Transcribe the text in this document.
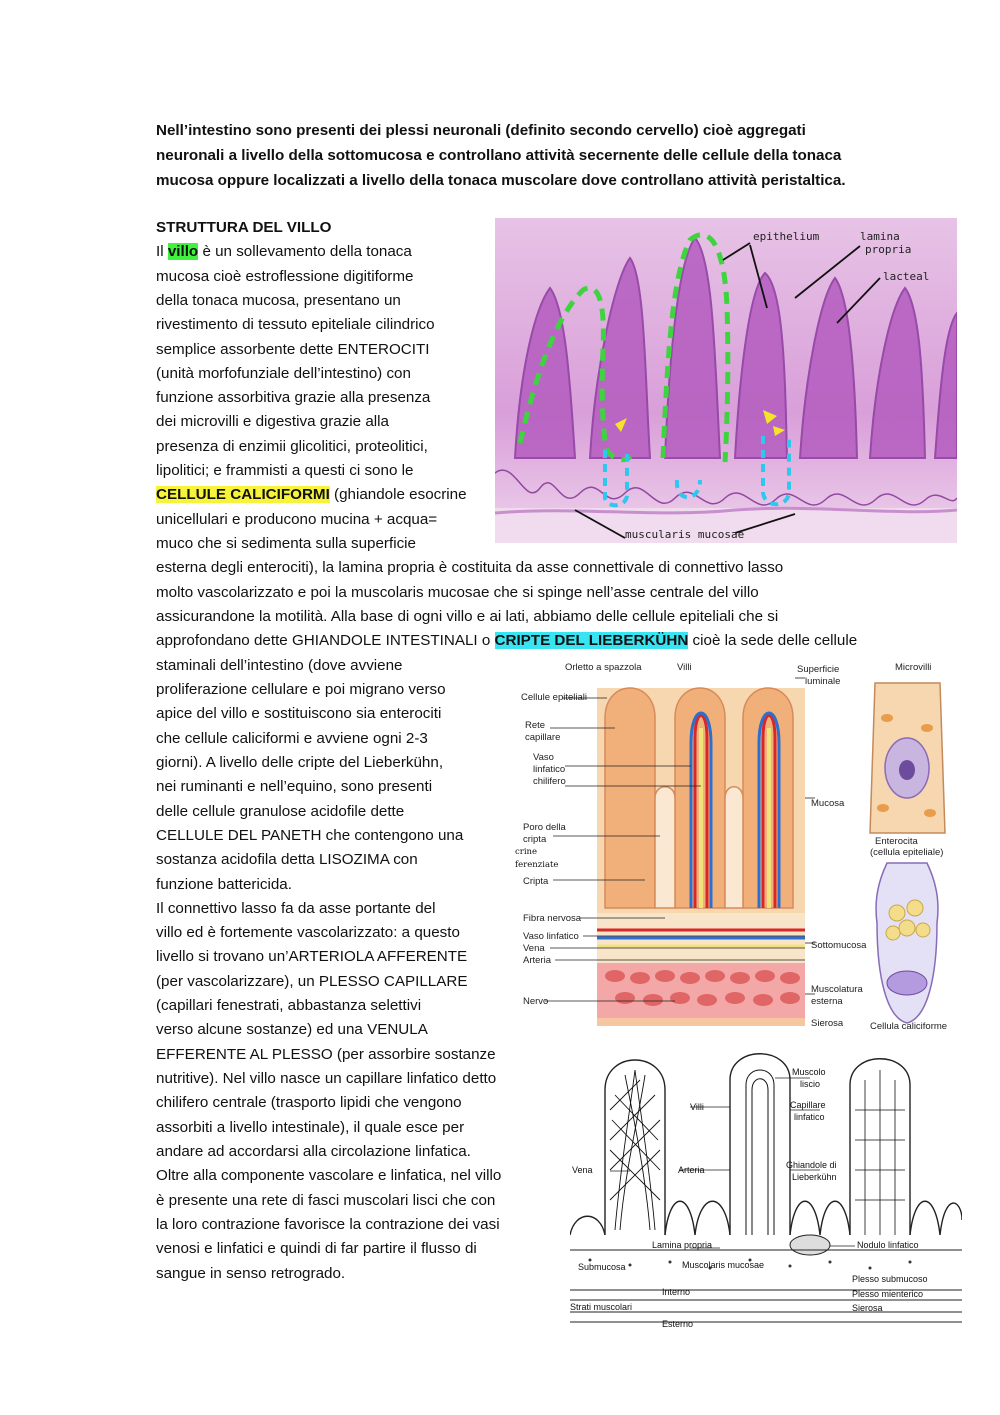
Nell’intestino sono presenti dei plessi neuronali (definito secondo cervello) cioè aggregati
neuronali a livello della sottomucosa e controllano attività secernente delle cellule della tonaca
mucosa oppure localizzati a livello della tonaca muscolare dove controllano attività peristaltica.
STRUTTURA DEL VILLO
Il villo è un sollevamento della tonaca
mucosa cioè estroflessione digitiforme
della tonaca mucosa, presentano un
rivestimento di tessuto epiteliale cilindrico
semplice assorbente dette ENTEROCITI
(unità morfofunziale dell’intestino) con
funzione assorbitiva grazie alla presenza
dei microvilli e digestiva grazie alla
presenza di enzimii glicolitici, proteolitici,
lipolitici; e frammisti a questi ci sono le
CELLULE CALICIFORMI (ghiandole esocrine
unicellulari e producono mucina + acqua=
muco che si sedimenta sulla superficie
esterna degli enterociti), la lamina propria è costituita da asse connettivale di connettivo lasso
molto vascolarizzato e poi la muscolaris mucosae che si spinge nell’asse centrale del villo
assicurandone la motilità. Alla base di ogni villo e ai lati, abbiamo delle cellule epiteliali che si
approfondano dette GHIANDOLE INTESTINALI o CRIPTE DEL LIEBERKÜHN cioè la sede delle cellule
staminali dell’intestino (dove avviene
proliferazione cellulare e poi migrano verso
apice del villo e sostituiscono sia enterociti
che cellule caliciformi e avviene ogni 2-3
giorni). A livello delle cripte del Lieberkühn,
nei ruminanti e nell’equino, sono presenti
delle cellule granulose acidofile dette
CELLULE DEL PANETH che contengono una
sostanza acidofila detta LISOZIMA con
funzione battericida.
Il connettivo lasso fa da asse portante del
villo ed è fortemente vascolarizzato: a questo
livello si trovano un’ARTERIOLA AFFERENTE
(per vascolarizzare), un PLESSO CAPILLARE
(capillari fenestrati, abbastanza selettivi
verso alcune sostanze) ed una VENULA
EFFERENTE AL PLESSO (per assorbire sostanze
nutritive). Nel villo nasce un capillare linfatico detto
chilifero centrale (trasporto lipidi che vengono
assorbiti a livello intestinale), il quale esce per
andare ad accordarsi alla circolazione linfatica.
Oltre alla componente vascolare e linfatica, nel villo
è presente una rete di fasci muscolari lisci che con
la loro contrazione favorisce la contrazione dei vasi
venosi e linfatici e quindi di far partire il flusso di
sangue in senso retrogrado.
epithelium	lamina
propria
lacteal
muscularis mucosae
Orletto a spazzola	Villi	Superficie
luminale
Microvilli
Cellule epiteliali
Rete
capillare
Vaso
linfatico
chilifero
Mucosa
Poro della
cripta
crine
ferenziate
Cripta
Enterocita
(cellula epiteliale)
Fibra nervosa
Vaso linfatico
Vena
Arteria
Sottomucosa
Nervo
Muscolatura
esterna
Sierosa	Cellula caliciforme
Muscolo
liscio
Villi	Capillare
linfatico
Vena	Arteria	Ghiandole di
Lieberkühn
Lamina propria	Nodulo linfatico
Submucosa	Muscolaris mucosae
Plesso submucoso
Interno	Plesso mienterico
Strati muscolari	Sierosa
Esterno
